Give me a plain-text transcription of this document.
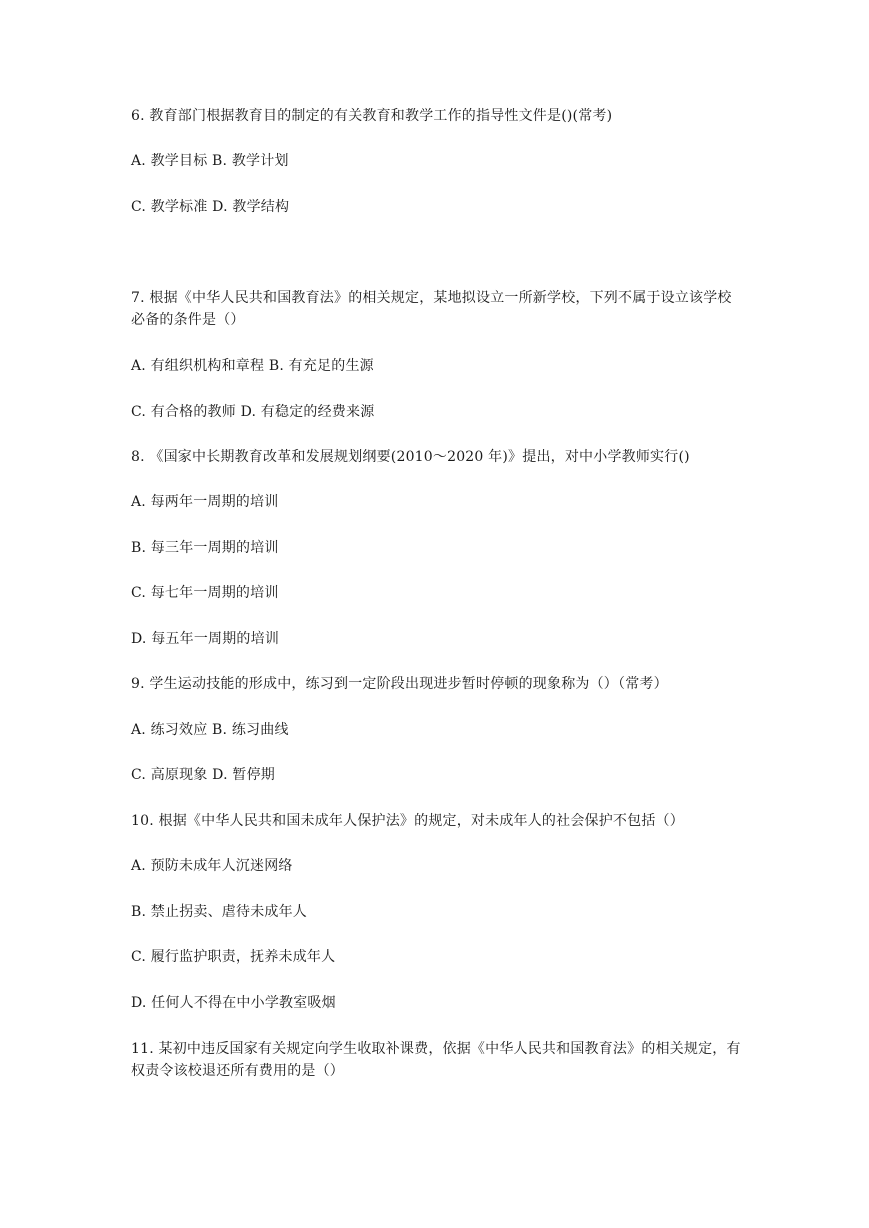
6. 教育部门根据教育目的制定的有关教育和教学工作的指导性文件是()(常考)
A. 教学目标 B. 教学计划
C. 教学标准 D. 教学结构
7. 根据《中华人民共和国教育法》的相关规定，某地拟设立一所新学校，下列不属于设立该学校必备的条件是（）
A. 有组织机构和章程 B. 有充足的生源
C. 有合格的教师 D. 有稳定的经费来源
8. 《国家中长期教育改革和发展规划纲要(2010～2020 年)》提出，对中小学教师实行()
A. 每两年一周期的培训
B. 每三年一周期的培训
C. 每七年一周期的培训
D. 每五年一周期的培训
9. 学生运动技能的形成中，练习到一定阶段出现进步暂时停顿的现象称为（）（常考）
A. 练习效应 B. 练习曲线
C. 高原现象 D. 暂停期
10. 根据《中华人民共和国未成年人保护法》的规定，对未成年人的社会保护不包括（）
A. 预防未成年人沉迷网络
B. 禁止拐卖、虐待未成年人
C. 履行监护职责，抚养未成年人
D. 任何人不得在中小学教室吸烟
11. 某初中违反国家有关规定向学生收取补课费，依据《中华人民共和国教育法》的相关规定，有权责令该校退还所有费用的是（）
